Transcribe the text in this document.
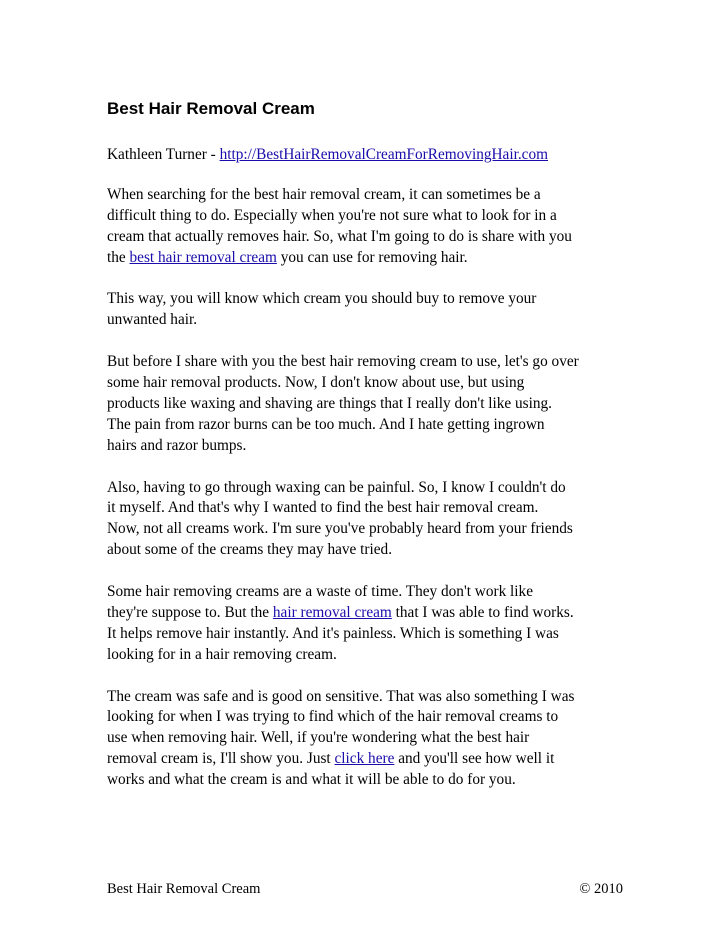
Best Hair Removal Cream
Kathleen Turner - http://BestHairRemovalCreamForRemovingHair.com
When searching for the best hair removal cream, it can sometimes be a
difficult thing to do. Especially when you're not sure what to look for in a
cream that actually removes hair. So, what I'm going to do is share with you
the best hair removal cream you can use for removing hair.
This way, you will know which cream you should buy to remove your
unwanted hair.
But before I share with you the best hair removing cream to use, let's go over
some hair removal products. Now, I don't know about use, but using
products like waxing and shaving are things that I really don't like using.
The pain from razor burns can be too much. And I hate getting ingrown
hairs and razor bumps.
Also, having to go through waxing can be painful. So, I know I couldn't do
it myself. And that's why I wanted to find the best hair removal cream.
Now, not all creams work. I'm sure you've probably heard from your friends
about some of the creams they may have tried.
Some hair removing creams are a waste of time. They don't work like
they're suppose to. But the hair removal cream that I was able to find works.
It helps remove hair instantly. And it's painless. Which is something I was
looking for in a hair removing cream.
The cream was safe and is good on sensitive. That was also something I was
looking for when I was trying to find which of the hair removal creams to
use when removing hair. Well, if you're wondering what the best hair
removal cream is, I'll show you. Just click here and you'll see how well it
works and what the cream is and what it will be able to do for you.
Best Hair Removal Cream	© 2010
